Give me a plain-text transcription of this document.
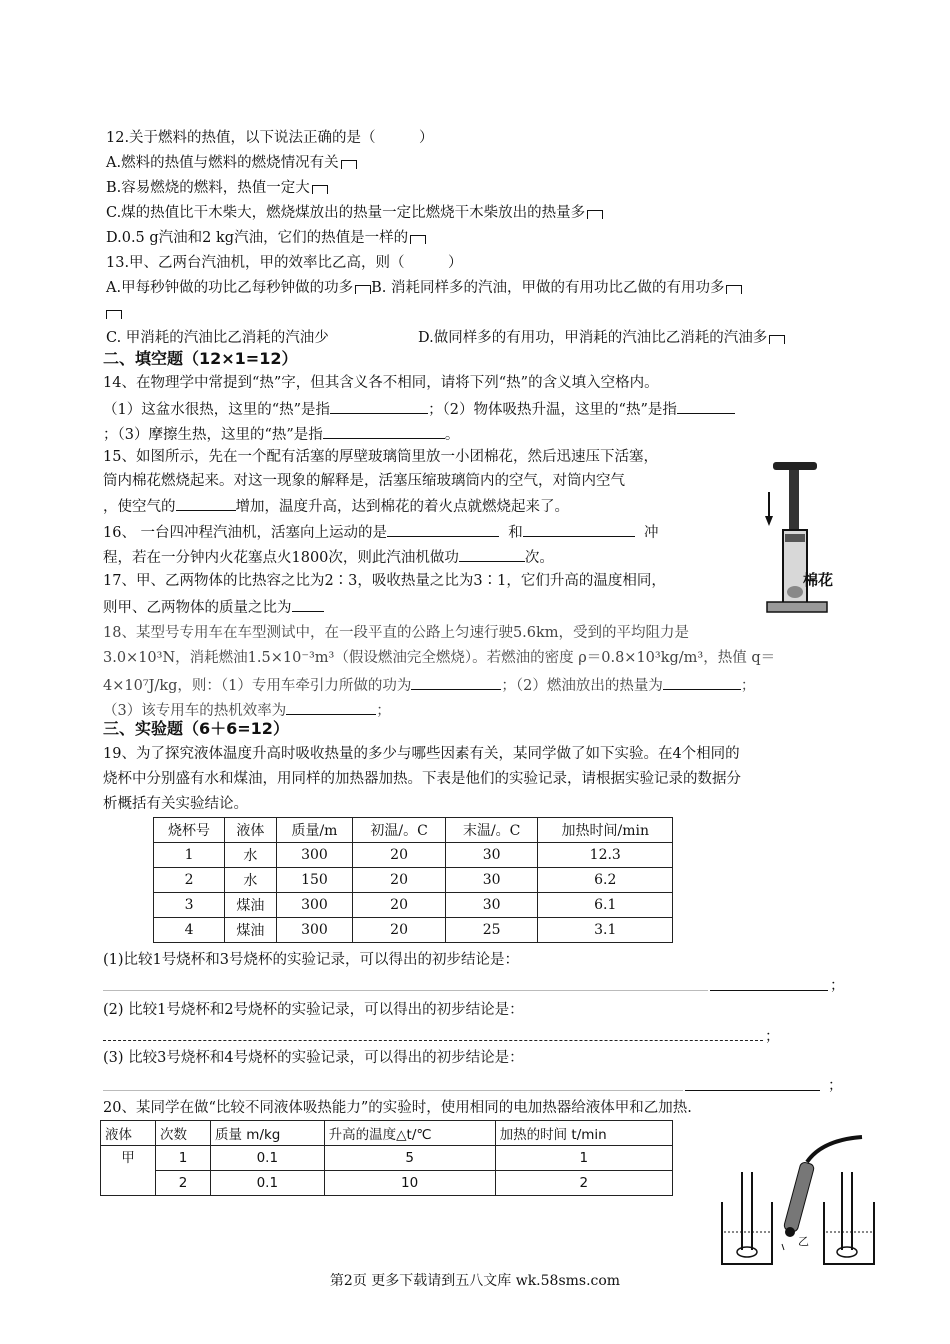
12.关于燃料的热值，以下说法正确的是（　　　）
A.燃料的热值与燃料的燃烧情况有关
B.容易燃烧的燃料，热值一定大
C.煤的热值比干木柴大，燃烧煤放出的热量一定比燃烧干木柴放出的热量多
D.0.5 g汽油和2 kg汽油，它们的热值是一样的
13.甲、乙两台汽油机，甲的效率比乙高，则（　　　）
A.甲每秒钟做的功比乙每秒钟做的功多 B. 消耗同样多的汽油，甲做的有用功比乙做的有用功多
C. 甲消耗的汽油比乙消耗的汽油少	D.做同样多的有用功，甲消耗的汽油比乙消耗的汽油多
二、填空题（12×1=12）
14、在物理学中常提到“热”字，但其含义各不相同，请将下列“热”的含义填入空格内。
（1）这盆水很热，这里的“热”是指	；（2）物体吸热升温，这里的“热”是指
；（3）摩擦生热，这里的“热”是指	。
15、如图所示，先在一个配有活塞的厚壁玻璃筒里放一小团棉花，然后迅速压下活塞，
筒内棉花燃烧起来。对这一现象的解释是，活塞压缩玻璃筒内的空气，对筒内空气
，使空气的	增加，温度升高，达到棉花的着火点就燃烧起来了。
16、 一台四冲程汽油机，活塞向上运动的是	和	冲
程，若在一分钟内火花塞点火1800次，则此汽油机做功	次。
17、甲、乙两物体的比热容之比为2∶3，吸收热量之比为3∶1，它们升高的温度相同，
则甲、乙两物体的质量之比为
棉花
18、某型号专用车在车型测试中，在一段平直的公路上匀速行驶5.6km，受到的平均阻力是
3.0×10³N，消耗燃油1.5×10⁻³m³（假设燃油完全燃烧）。若燃油的密度 ρ＝0.8×10³kg/m³，热值 q＝
4×10⁷J/kg，则：（1）专用车牵引力所做的功为	；（2）燃油放出的热量为	；
（3）该专用车的热机效率为	；
三、实验题（6＋6=12）
19、为了探究液体温度升高时吸收热量的多少与哪些因素有关，某同学做了如下实验。在4个相同的
烧杯中分别盛有水和煤油，用同样的加热器加热。下表是他们的实验记录，请根据实验记录的数据分
析概括有关实验结论。
烧杯号	液体	质量/m	初温/。C	末温/。C	加热时间/min
1	水	300	20	30	12.3
2	水	150	20	30	6.2
3	煤油	300	20	30	6.1
4	煤油	300	20	25	3.1
(1)比较1号烧杯和3号烧杯的实验记录，可以得出的初步结论是：
；
(2) 比较1号烧杯和2号烧杯的实验记录，可以得出的初步结论是：
；
(3) 比较3号烧杯和4号烧杯的实验记录，可以得出的初步结论是：
；
20、某同学在做“比较不同液体吸热能力”的实验时，使用相同的电加热器给液体甲和乙加热.
液体	次数	质量 m/kg	升高的温度△t/℃	加热的时间 t/min
甲	1	0.1	5	1
	2	0.1	10	2
乙
第2页 更多下载请到五八文库 wk.58sms.com
